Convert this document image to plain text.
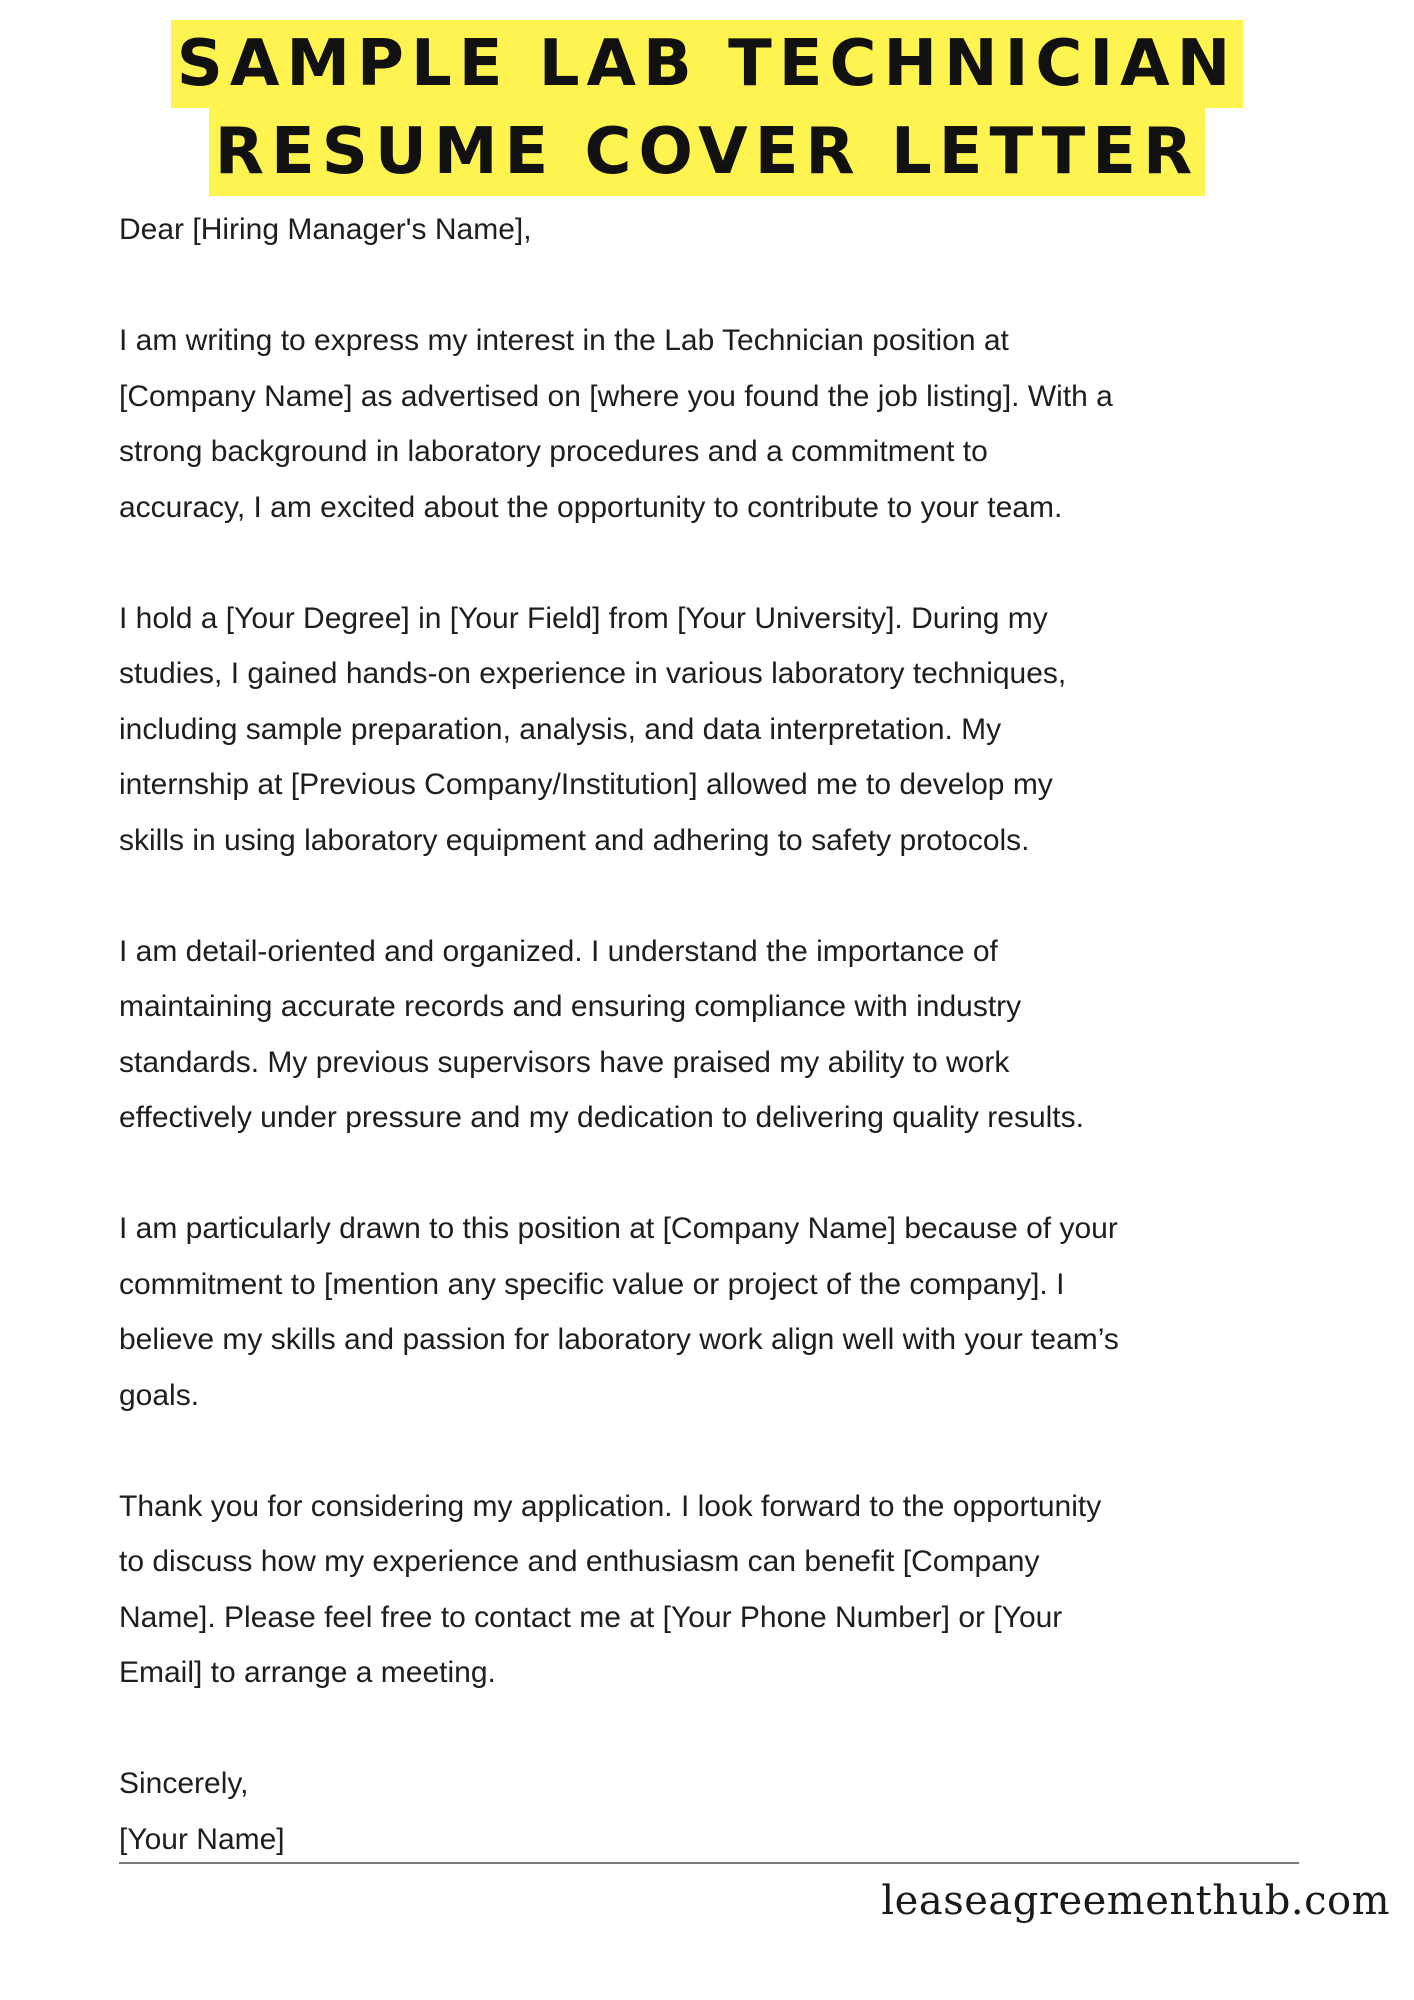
SAMPLE LAB TECHNICIAN
RESUME COVER LETTER

Dear [Hiring Manager's Name],

I am writing to express my interest in the Lab Technician position at
[Company Name] as advertised on [where you found the job listing]. With a
strong background in laboratory procedures and a commitment to
accuracy, I am excited about the opportunity to contribute to your team.

I hold a [Your Degree] in [Your Field] from [Your University]. During my
studies, I gained hands-on experience in various laboratory techniques,
including sample preparation, analysis, and data interpretation. My
internship at [Previous Company/Institution] allowed me to develop my
skills in using laboratory equipment and adhering to safety protocols.

I am detail-oriented and organized. I understand the importance of
maintaining accurate records and ensuring compliance with industry
standards. My previous supervisors have praised my ability to work
effectively under pressure and my dedication to delivering quality results.

I am particularly drawn to this position at [Company Name] because of your
commitment to [mention any specific value or project of the company]. I
believe my skills and passion for laboratory work align well with your team’s
goals.

Thank you for considering my application. I look forward to the opportunity
to discuss how my experience and enthusiasm can benefit [Company
Name]. Please feel free to contact me at [Your Phone Number] or [Your
Email] to arrange a meeting.

Sincerely,

[Your Name]

leaseagreementhub.com
